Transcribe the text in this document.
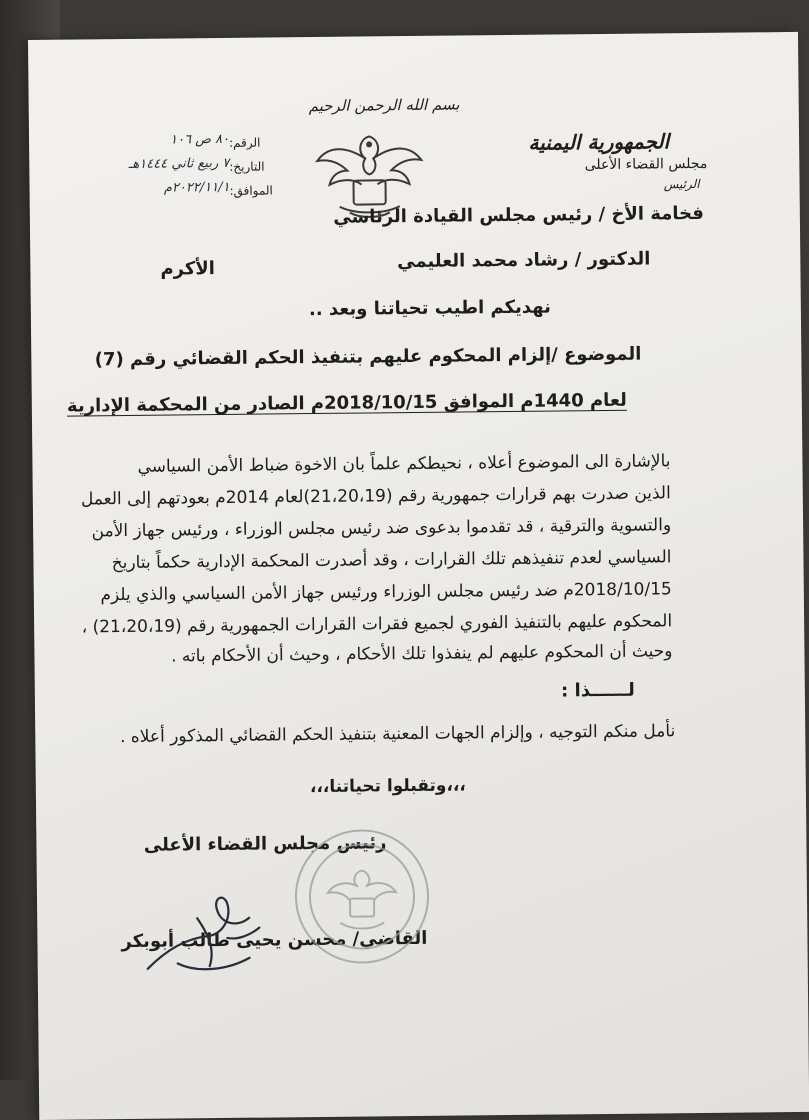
الرقم:
٨٠ ص ١٠٦
التاريخ:
٧ ربيع ثاني ١٤٤٤هـ
الموافق:
٢٠٢٢/١١/١م
بسم الله الرحمن الرحيم
الجمهورية اليمنية
مجلس القضاء الأعلى
الرئيس
فخامة الأخ / رئيس مجلس القيادة الرئاسي
الدكتور / رشاد محمد العليمي
الأكرم
نهديكم اطيب تحياتنا وبعد ..
الموضوع /إلزام المحكوم عليهم بتنفيذ الحكم القضائي رقم (7)
لعام 1440م الموافق 2018/10/15م الصادر من المحكمة الإدارية
بالإشارة الى الموضوع أعلاه ، نحيطكم علماً بان الاخوة ضباط الأمن السياسي
الذين صدرت بهم قرارات جمهورية رقم (21،20،19)لعام 2014م بعودتهم إلى العمل
والتسوية والترقية ، قد تقدموا بدعوى ضد رئيس مجلس الوزراء ، ورئيس جهاز الأمن
السياسي لعدم تنفيذهم تلك القرارات ، وقد أصدرت المحكمة الإدارية حكماً بتاريخ
2018/10/15م ضد رئيس مجلس الوزراء ورئيس جهاز الأمن السياسي والذي يلزم
المحكوم عليهم بالتنفيذ الفوري لجميع فقرات القرارات الجمهورية رقم (21،20،19) ،
وحيث أن المحكوم عليهم لم ينفذوا تلك الأحكام ، وحيث أن الأحكام باته .
لــــــذا :
نأمل منكم التوجيه ، وإلزام الجهات المعنية بتنفيذ الحكم القضائي المذكور أعلاه .
،،،وتقبلوا تحياتنا،،،
رئيس مجلس القضاء الأعلى
القاضي/ محسن يحيى طالب أبوبكر
